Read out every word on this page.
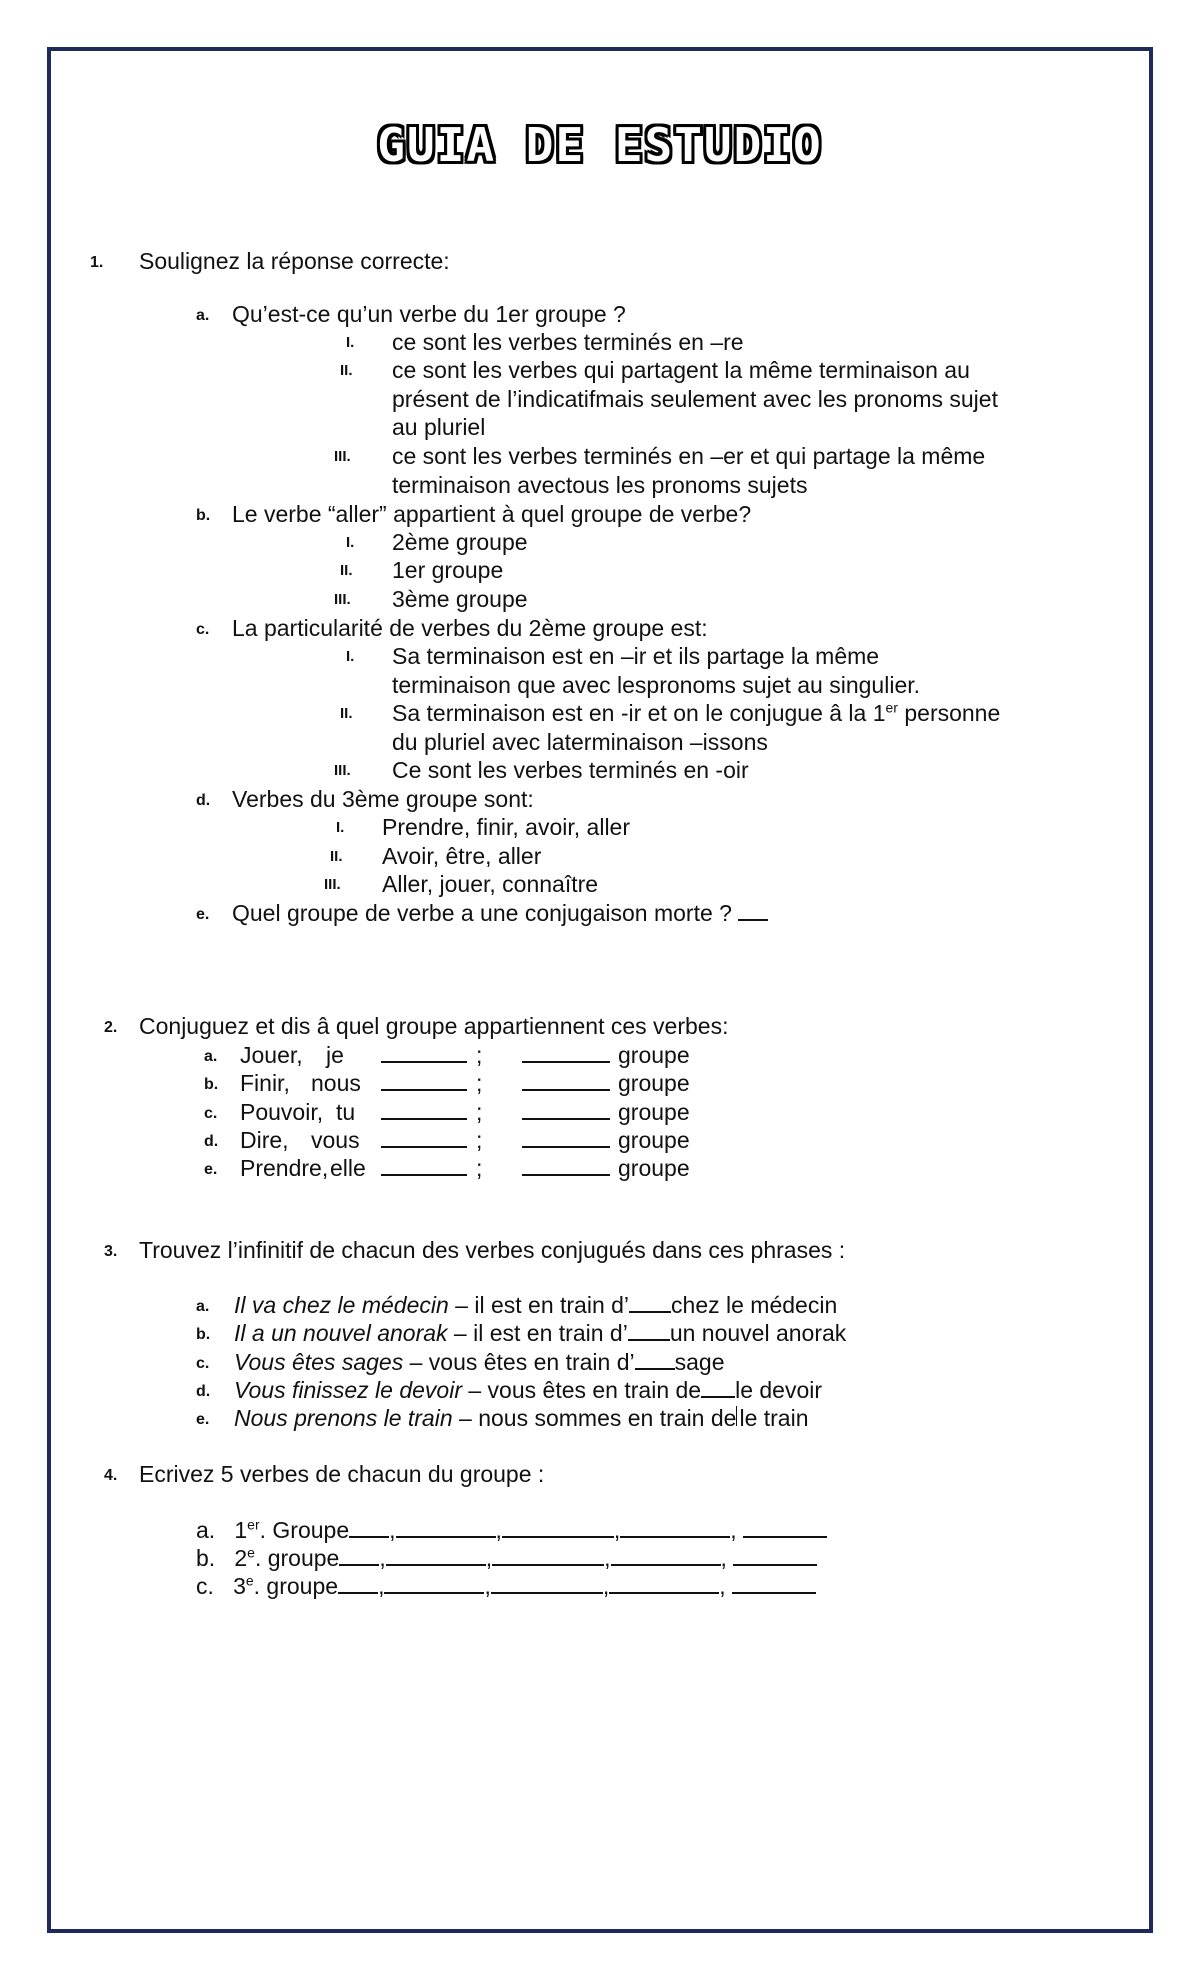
GUIA DE ESTUDIO
1. Soulignez la réponse correcte:
a. Qu’est-ce qu’un verbe du 1er groupe ?
I. ce sont les verbes terminés en –re
II. ce sont les verbes qui partagent la même terminaison au
présent de l’indicatifmais seulement avec les pronoms sujet
au pluriel
III. ce sont les verbes terminés en –er et qui partage la même
terminaison avectous les pronoms sujets
b. Le verbe “aller” appartient à quel groupe de verbe?
I. 2ème groupe
II. 1er groupe
III. 3ème groupe
c. La particularité de verbes du 2ème groupe est:
I. Sa terminaison est en –ir et ils partage la même
terminaison que avec lespronoms sujet au singulier.
II. Sa terminaison est en -ir et on le conjugue â la 1er personne
du pluriel avec laterminaison –issons
III. Ce sont les verbes terminés en -oir
d. Verbes du 3ème groupe sont:
I. Prendre, finir, avoir, aller
II. Avoir, être, aller
III. Aller, jouer, connaître
e. Quel groupe de verbe a une conjugaison morte ?
2. Conjuguez et dis â quel groupe appartiennent ces verbes:
a. Jouer, je	;	groupe
b. Finir, nous	;	groupe
c. Pouvoir, tu	;	groupe
d. Dire, vous	;	groupe
e. Prendre, elle	;	groupe
3. Trouvez l’infinitif de chacun des verbes conjugués dans ces phrases :
a. Il va chez le médecin – il est en train d’ chez le médecin
b. Il a un nouvel anorak – il est en train d’ un nouvel anorak
c. Vous êtes sages – vous êtes en train d’ sage
d. Vous finissez le devoir – vous êtes en train de le devoir
e. Nous prenons le train – nous sommes en train de le train
4. Ecrivez 5 verbes de chacun du groupe :
a. 1er. Groupe ,	,	,	,
b. 2e. groupe ,	,	,	,
c. 3e. groupe ,	,	,	,
